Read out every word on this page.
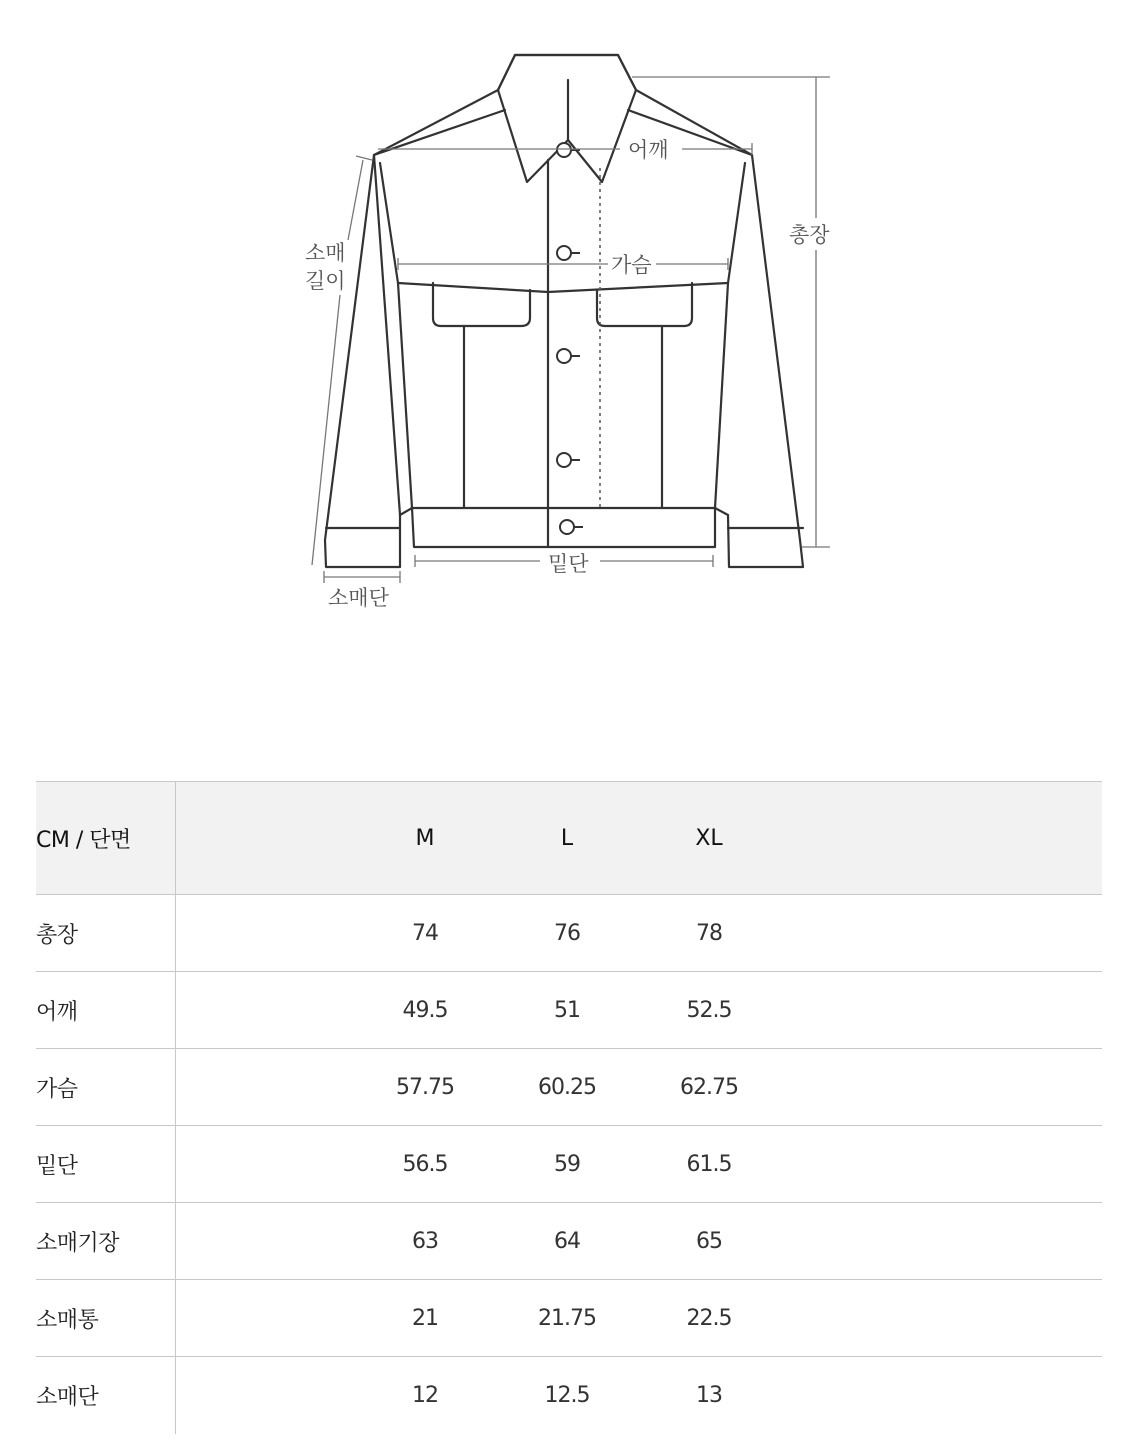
어깨
총장
가슴
소매
길이
밑단
소매단
CM / 단면		M		L		XL	
총장		74		76		78	
어깨		49.5		51		52.5	
가슴		57.75		60.25		62.75	
밑단		56.5		59		61.5	
소매기장		63		64		65	
소매통		21		21.75		22.5	
소매단		12		12.5		13	
